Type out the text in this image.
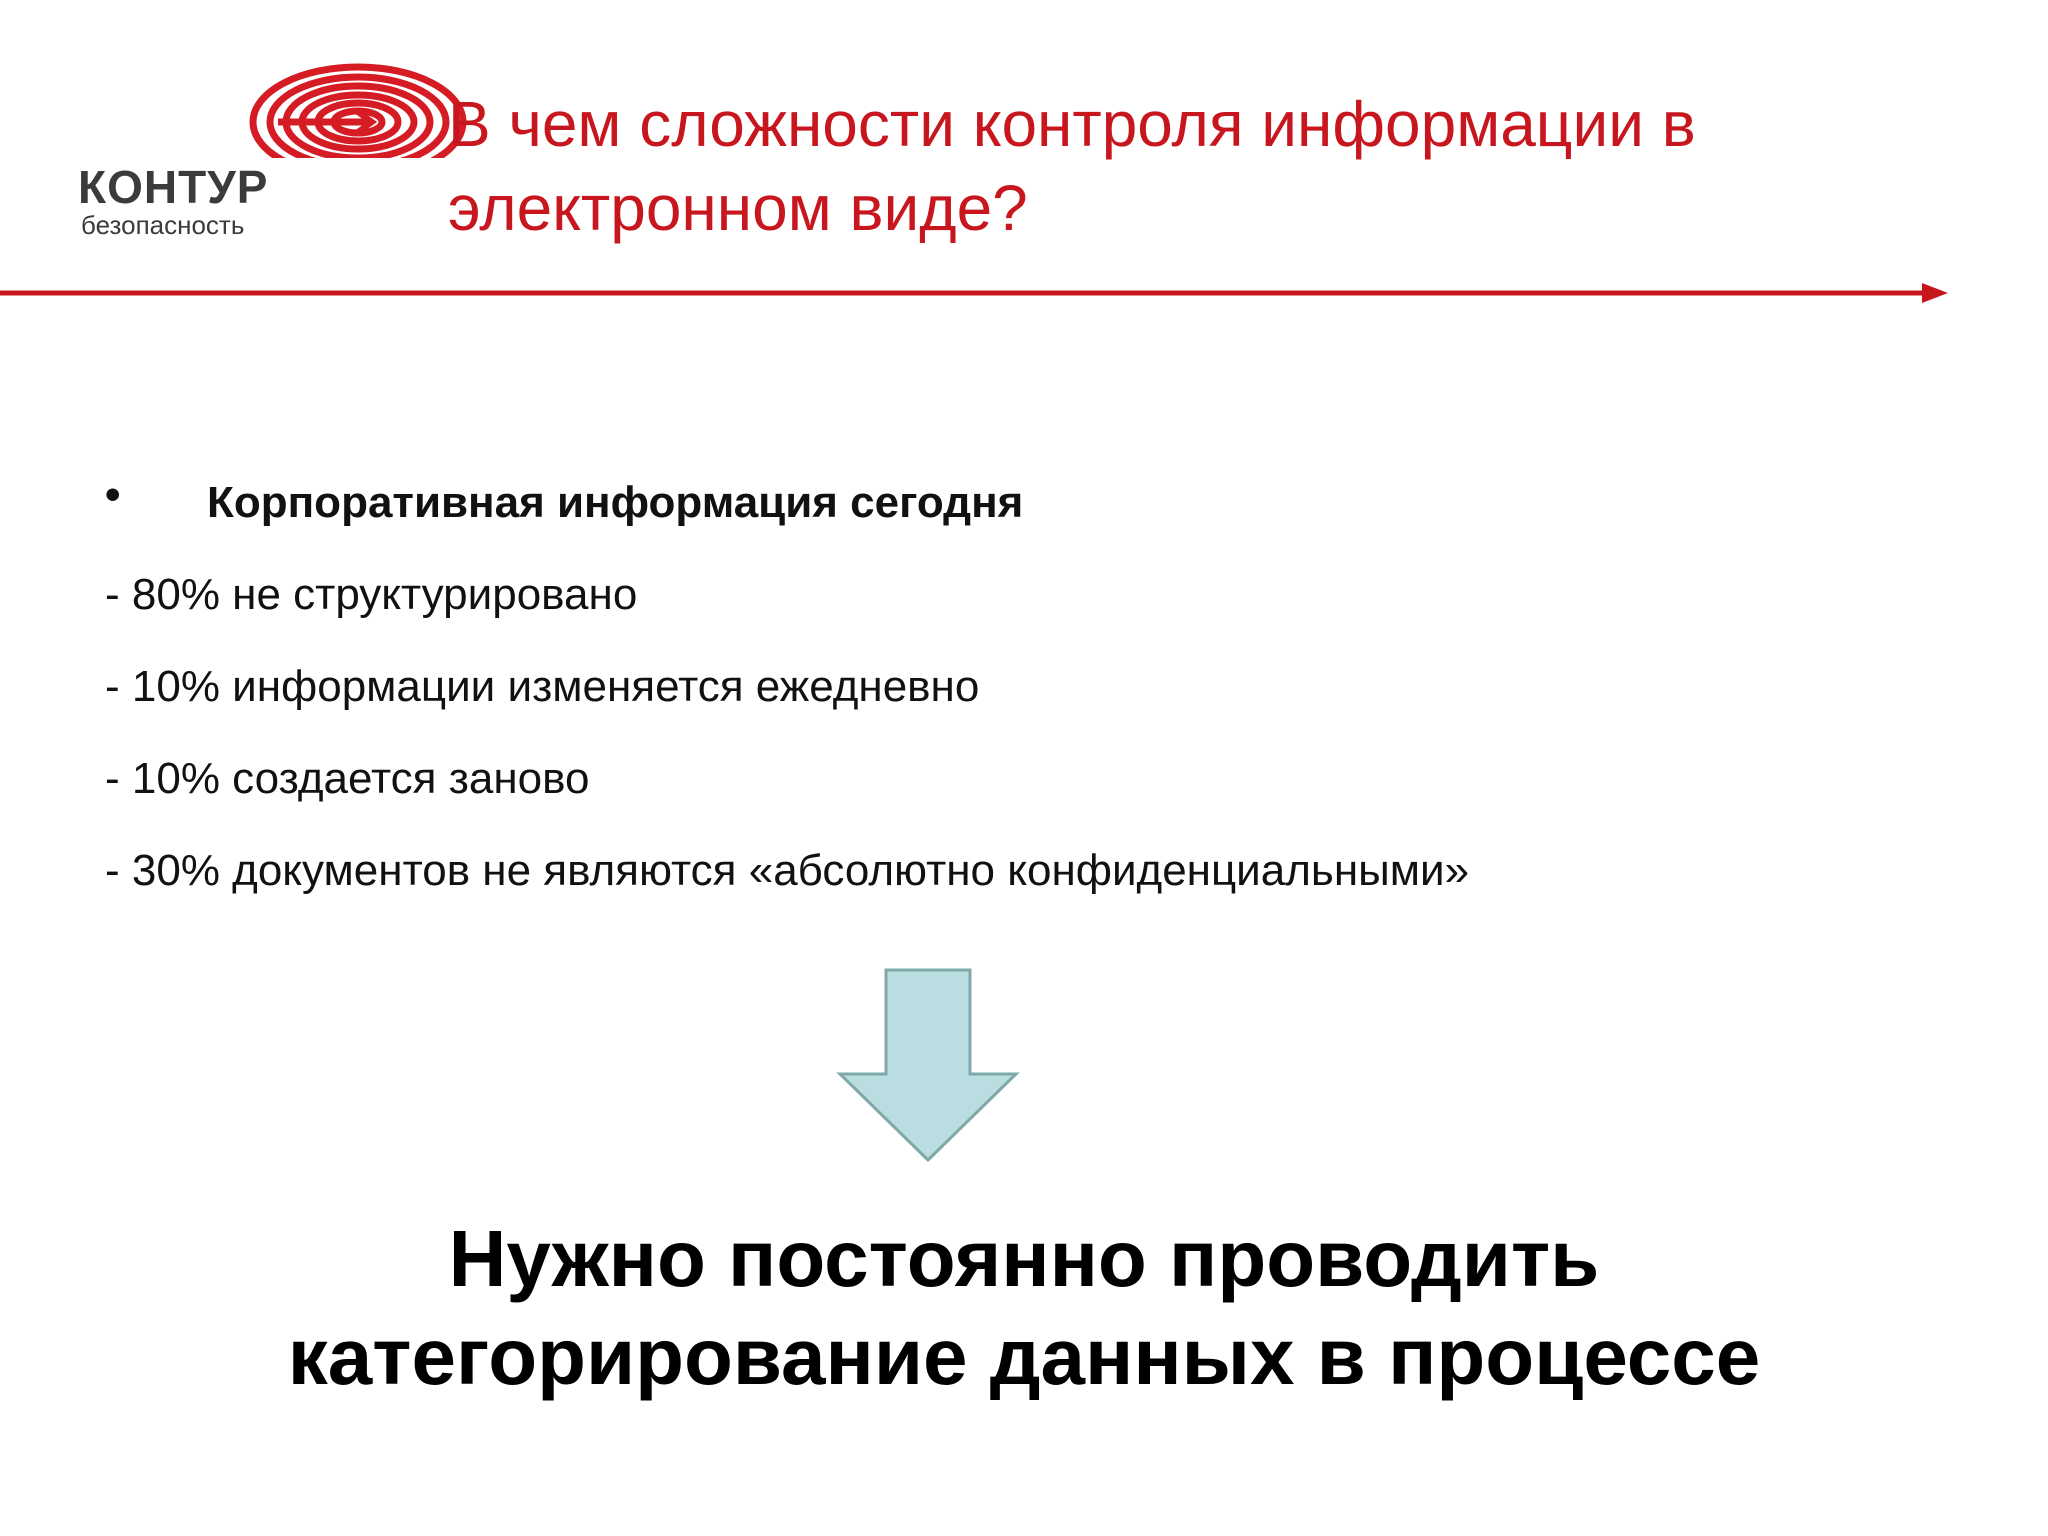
КОНТУР
безопасность
В чем сложности контроля информации в
электронном виде?
• Корпоративная информация сегодня
- 80% не структурировано
- 10% информации изменяется ежедневно
- 10% создается заново
- 30% документов не являются «абсолютно конфиденциальными»

Нужно постоянно проводить
категорирование данных в процессе
